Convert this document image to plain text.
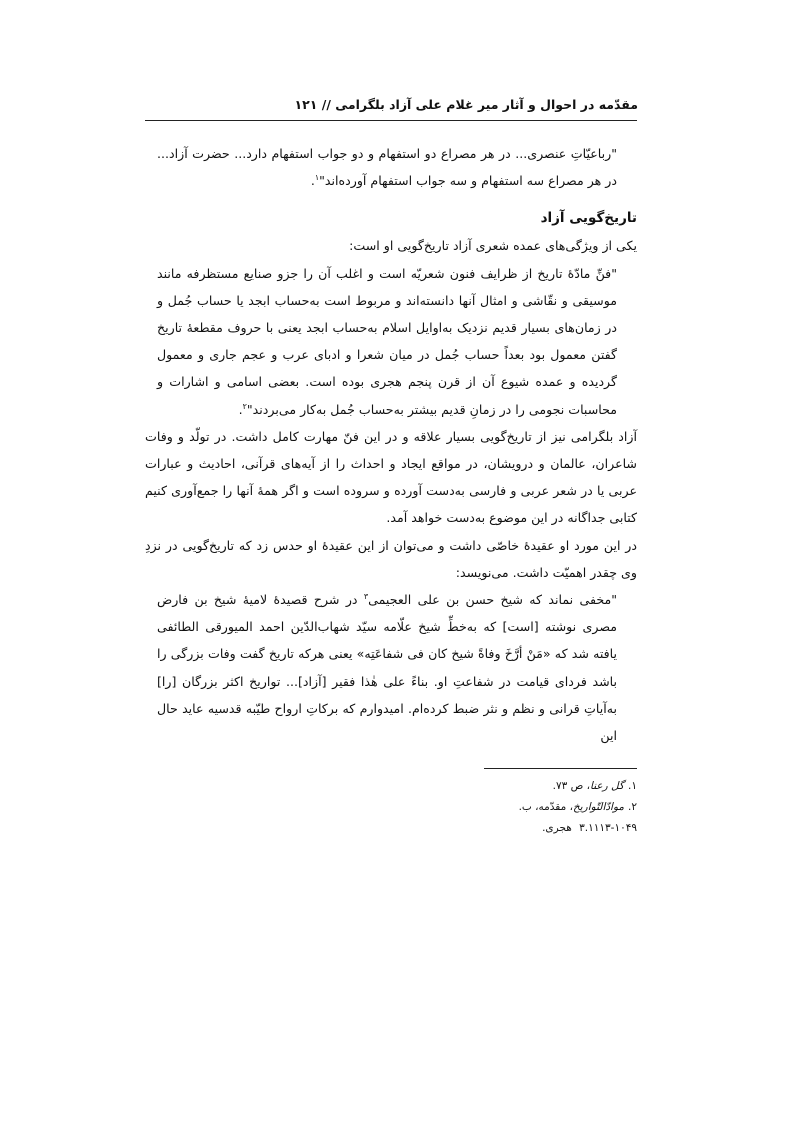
مقدّمه در احوال و آثار میر غلام علی آزاد بلگرامی // ۱۲۱

"رباعیّاتِ عنصری... در هر مصراع دو استفهام و دو جواب استفهام دارد... حضرت آزاد... در هر مصراع سه استفهام و سه جواب استفهام آورده‌اند"$^۱$.

تاریخ‌گویی آزاد

یکی از ویژگی‌های عمده شعری آزاد تاریخ‌گویی او است:

"فنِّ مادّهٔ تاریخ از ظرایف فنون شعریّه است و اغلب آن را جزو صنایع مستظرفه مانند موسیقی و نقّاشی و امثال آنها دانسته‌اند و مربوط است به‌حساب ابجد یا حساب جُمل و در زمان‌های بسیار قدیم نزدیک به‌اوایل اسلام به‌حساب ابجد یعنی با حروف مقطعهٔ تاریخ گفتن معمول بود بعداً حساب جُمل در میان شعرا و ادبای عرب و عجم جاری و معمول گردیده و عمده شیوع آن از قرن پنجم هجری بوده است. بعضی اسامی و اشارات و محاسبات نجومی را در زمانِ قدیم بیشتر به‌حساب جُمل به‌کار می‌بردند"$^۲$.

آزاد بلگرامی نیز از تاریخ‌گویی بسیار علاقه و در این فنّ مهارت کامل داشت. در تولّد و وفات شاعران، عالمان و درویشان، در مواقع ایجاد و احداث را از آیه‌های قرآنی، احادیث و عبارات عربی یا در شعر عربی و فارسی به‌دست آورده و سروده است و اگر همهٔ آنها را جمع‌آوری کنیم کتابی جداگانه در این موضوع به‌دست خواهد آمد.

در این مورد او عقیدهٔ خاصّی داشت و می‌توان از این عقیدهٔ او حدس زد که تاریخ‌گویی در نزدِ وی چقدر اهمیّت داشت. می‌نویسد:

"مخفی نماند که شیخ حسن بن علی العجیمی$^۳$ در شرح قصیدهٔ لامیهٔ شیخ بن فارض مصری نوشته [است] که به‌خطِّ شیخ علّامه سیّد شهاب‌الدّین احمد المیورقی الطائفی یافته شد که «مَنْ أرَّخَ وفاةً شیخ کان فی شفاعَتِه» یعنی هرکه تاریخ گفت وفات بزرگی را باشد فردای قیامت در شفاعتِ او. بناءً علی هٰذا فقیر [آزاد]... تواریخ اکثر بزرگان [را] به‌آیاتِ قرانی و نظم و نثر ضبط کرده‌ام. امیدوارم که برکاتِ ارواح طیّبه قدسیه عاید حال این

۱.گل رعنا، ص ۷۳.
۲.موادّالتّواریخ، مقدّمه، ب.
۳.۱۱۱۳-۱۰۴۹ هجری.
